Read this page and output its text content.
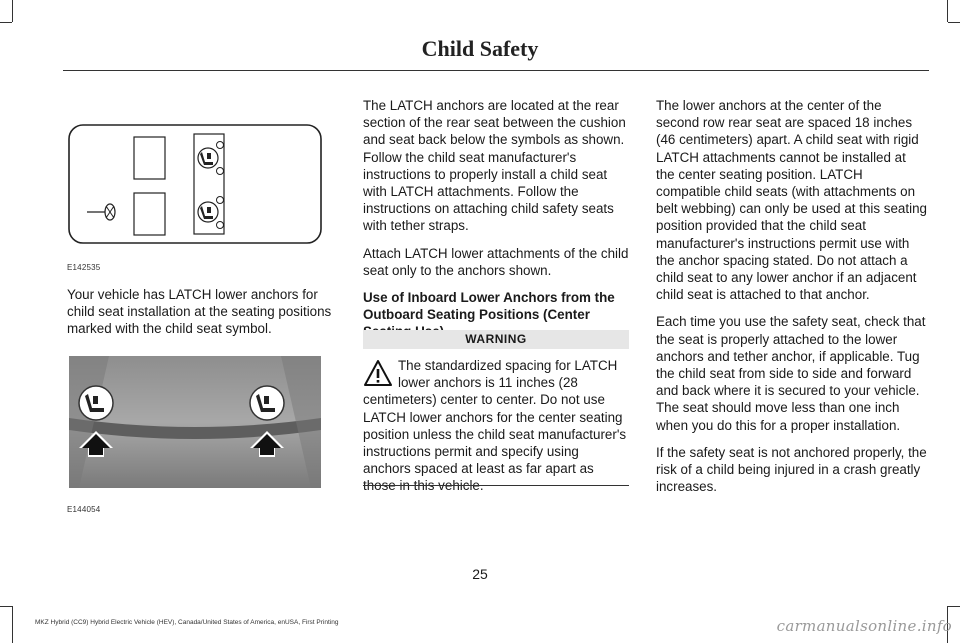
Child Safety
E142535

Your vehicle has LATCH lower anchors for child seat installation at the seating positions marked with the child seat symbol.

E144054

The LATCH anchors are located at the rear section of the rear seat between the cushion and seat back below the symbols as shown. Follow the child seat manufacturer's instructions to properly install a child seat with LATCH attachments. Follow the instructions on attaching child safety seats with tether straps.

Attach LATCH lower attachments of the child seat only to the anchors shown.

Use of Inboard Lower Anchors from the Outboard Seating Positions (Center

WARNING
The standardized spacing for LATCH lower anchors is 11 inches (28 centimeters) center to center. Do not use LATCH lower anchors for the center seating position unless the child seat manufacturer's instructions permit and specify using anchors spaced at least as far apart as

The lower anchors at the center of the second row rear seat are spaced 18 inches (46 centimeters) apart. A child seat with rigid LATCH attachments cannot be installed at the center seating position. LATCH compatible child seats (with attachments on belt webbing) can only be used at this seating position provided that the child seat manufacturer's instructions permit use with the anchor spacing stated. Do not attach a child seat to any lower anchor if an adjacent child seat is attached to that anchor.

Each time you use the safety seat, check that the seat is properly attached to the lower anchors and tether anchor, if applicable. Tug the child seat from side to side and forward and back where it is secured to your vehicle. The seat should move less than one inch when you do this for a proper installation.

If the safety seat is not anchored properly, the risk of a child being injured in a crash greatly increases.

25
MKZ Hybrid (CC9) Hybrid Electric Vehicle (HEV), Canada/United States of America, enUSA, First Printing	carmanualsonline.info
